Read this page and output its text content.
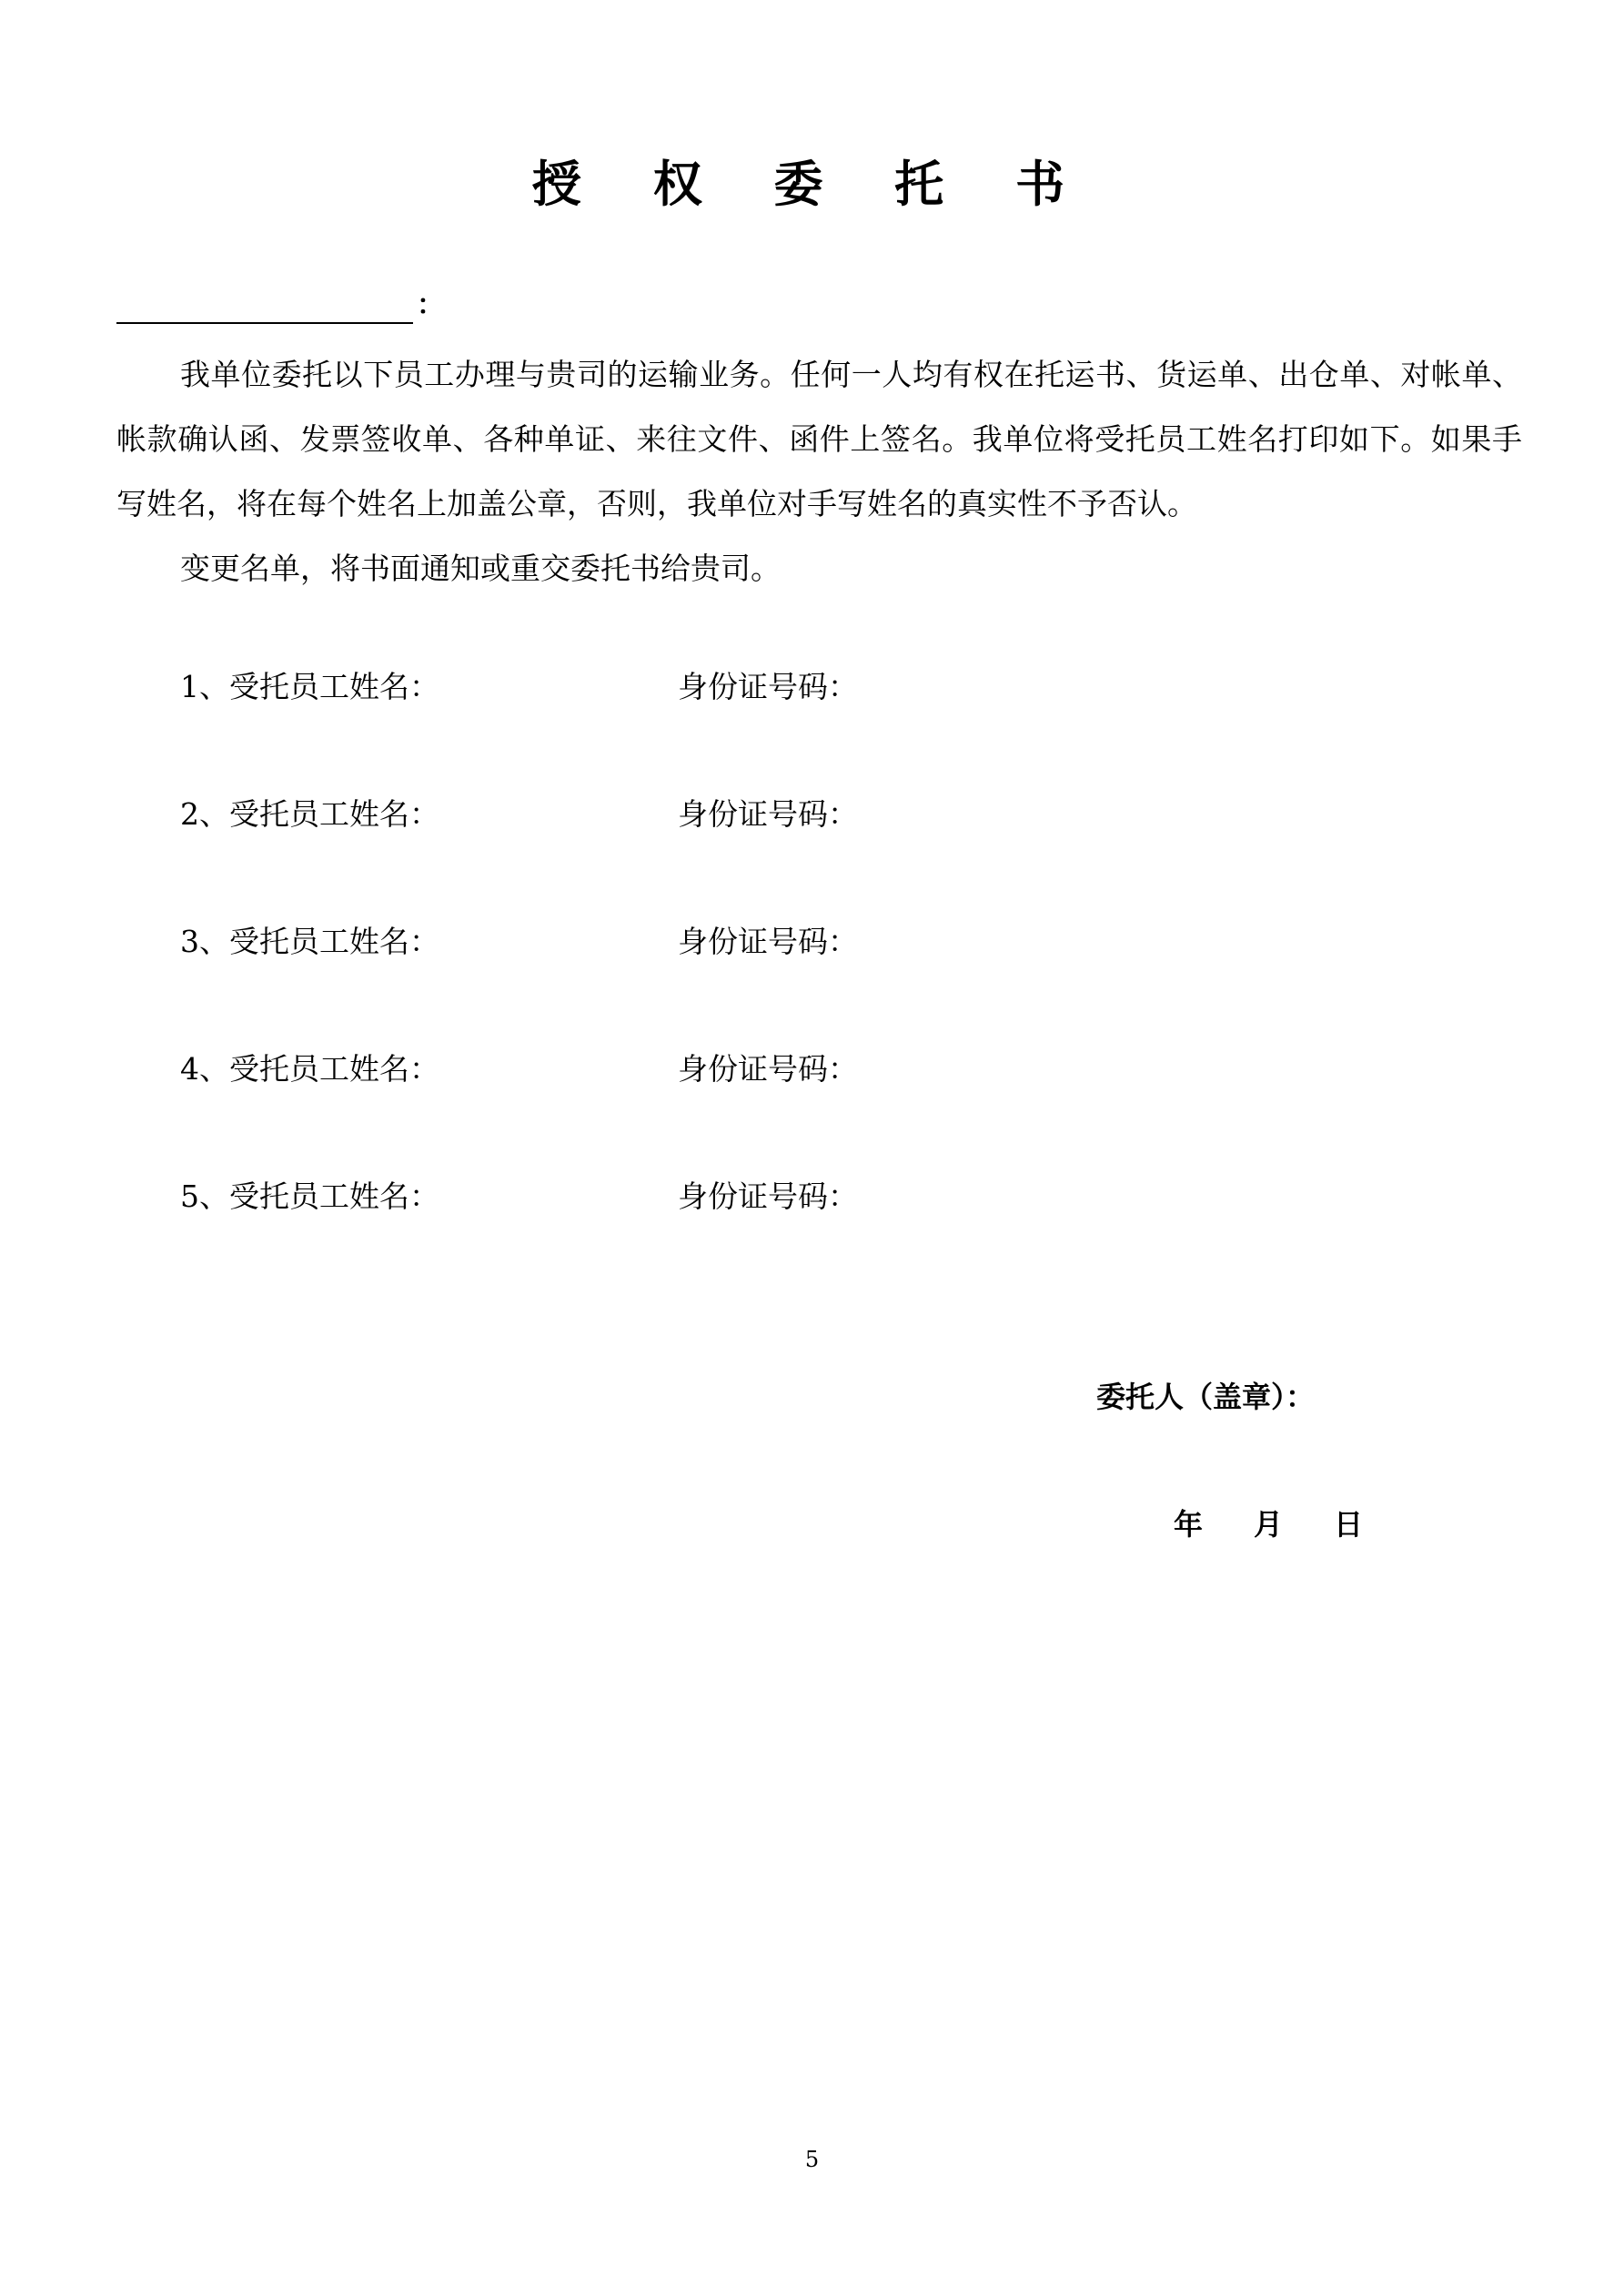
授 权 委 托 书
：

我单位委托以下员工办理与贵司的运输业务。任何一人均有权在托运书、货运单、出仓单、对帐单、帐款确认函、发票签收单、各种单证、来往文件、函件上签名。我单位将受托员工姓名打印如下。如果手写姓名，将在每个姓名上加盖公章，否则，我单位对手写姓名的真实性不予否认。

变更名单，将书面通知或重交委托书给贵司。

1、受托员工姓名：	身份证号码：
2、受托员工姓名：	身份证号码：
3、受托员工姓名：	身份证号码：
4、受托员工姓名：	身份证号码：
5、受托员工姓名：	身份证号码：
委托人（盖章）：
年 月 日
5
